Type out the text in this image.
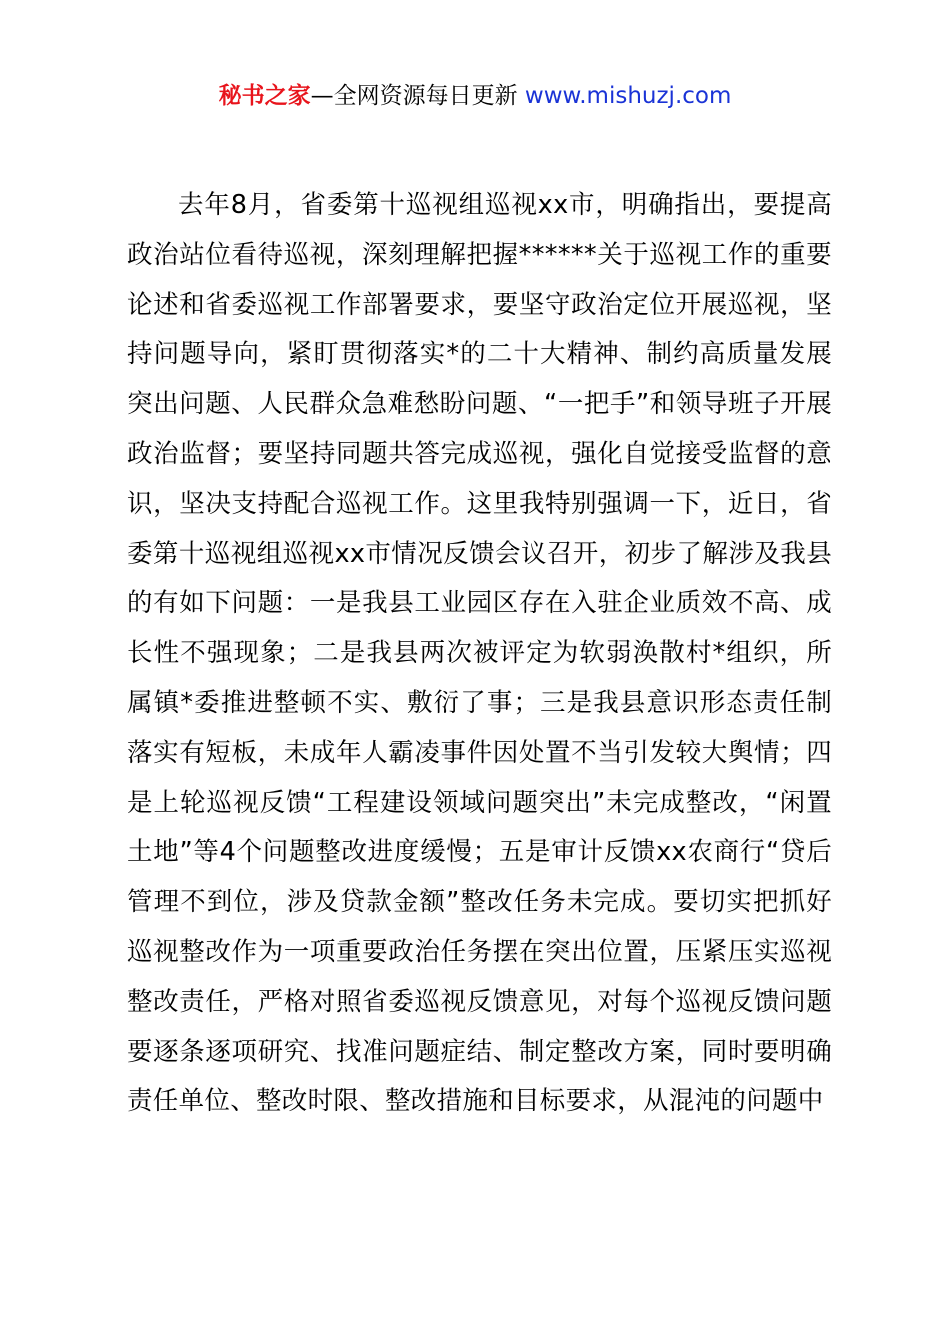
秘书之家—全网资源每日更新 www.mishuzj.com

去年8月，省委第十巡视组巡视xx市，明确指出，要提高政治站位看待巡视，深刻理解把握******关于巡视工作的重要论述和省委巡视工作部署要求，要坚守政治定位开展巡视，坚持问题导向，紧盯贯彻落实*的二十大精神、制约高质量发展突出问题、人民群众急难愁盼问题、“一把手”和领导班子开展政治监督；要坚持同题共答完成巡视，强化自觉接受监督的意识，坚决支持配合巡视工作。这里我特别强调一下，近日，省委第十巡视组巡视xx市情况反馈会议召开，初步了解涉及我县的有如下问题：一是我县工业园区存在入驻企业质效不高、成长性不强现象；二是我县两次被评定为软弱涣散村*组织，所属镇*委推进整顿不实、敷衍了事；三是我县意识形态责任制落实有短板，未成年人霸凌事件因处置不当引发较大舆情；四是上轮巡视反馈“工程建设领域问题突出”未完成整改，“闲置土地”等4个问题整改进度缓慢；五是审计反馈xx农商行“贷后管理不到位，涉及贷款金额”整改任务未完成。要切实把抓好巡视整改作为一项重要政治任务摆在突出位置，压紧压实巡视整改责任，严格对照省委巡视反馈意见，对每个巡视反馈问题要逐条逐项研究、找准问题症结、制定整改方案，同时要明确责任单位、整改时限、整改措施和目标要求，从混沌的问题中
